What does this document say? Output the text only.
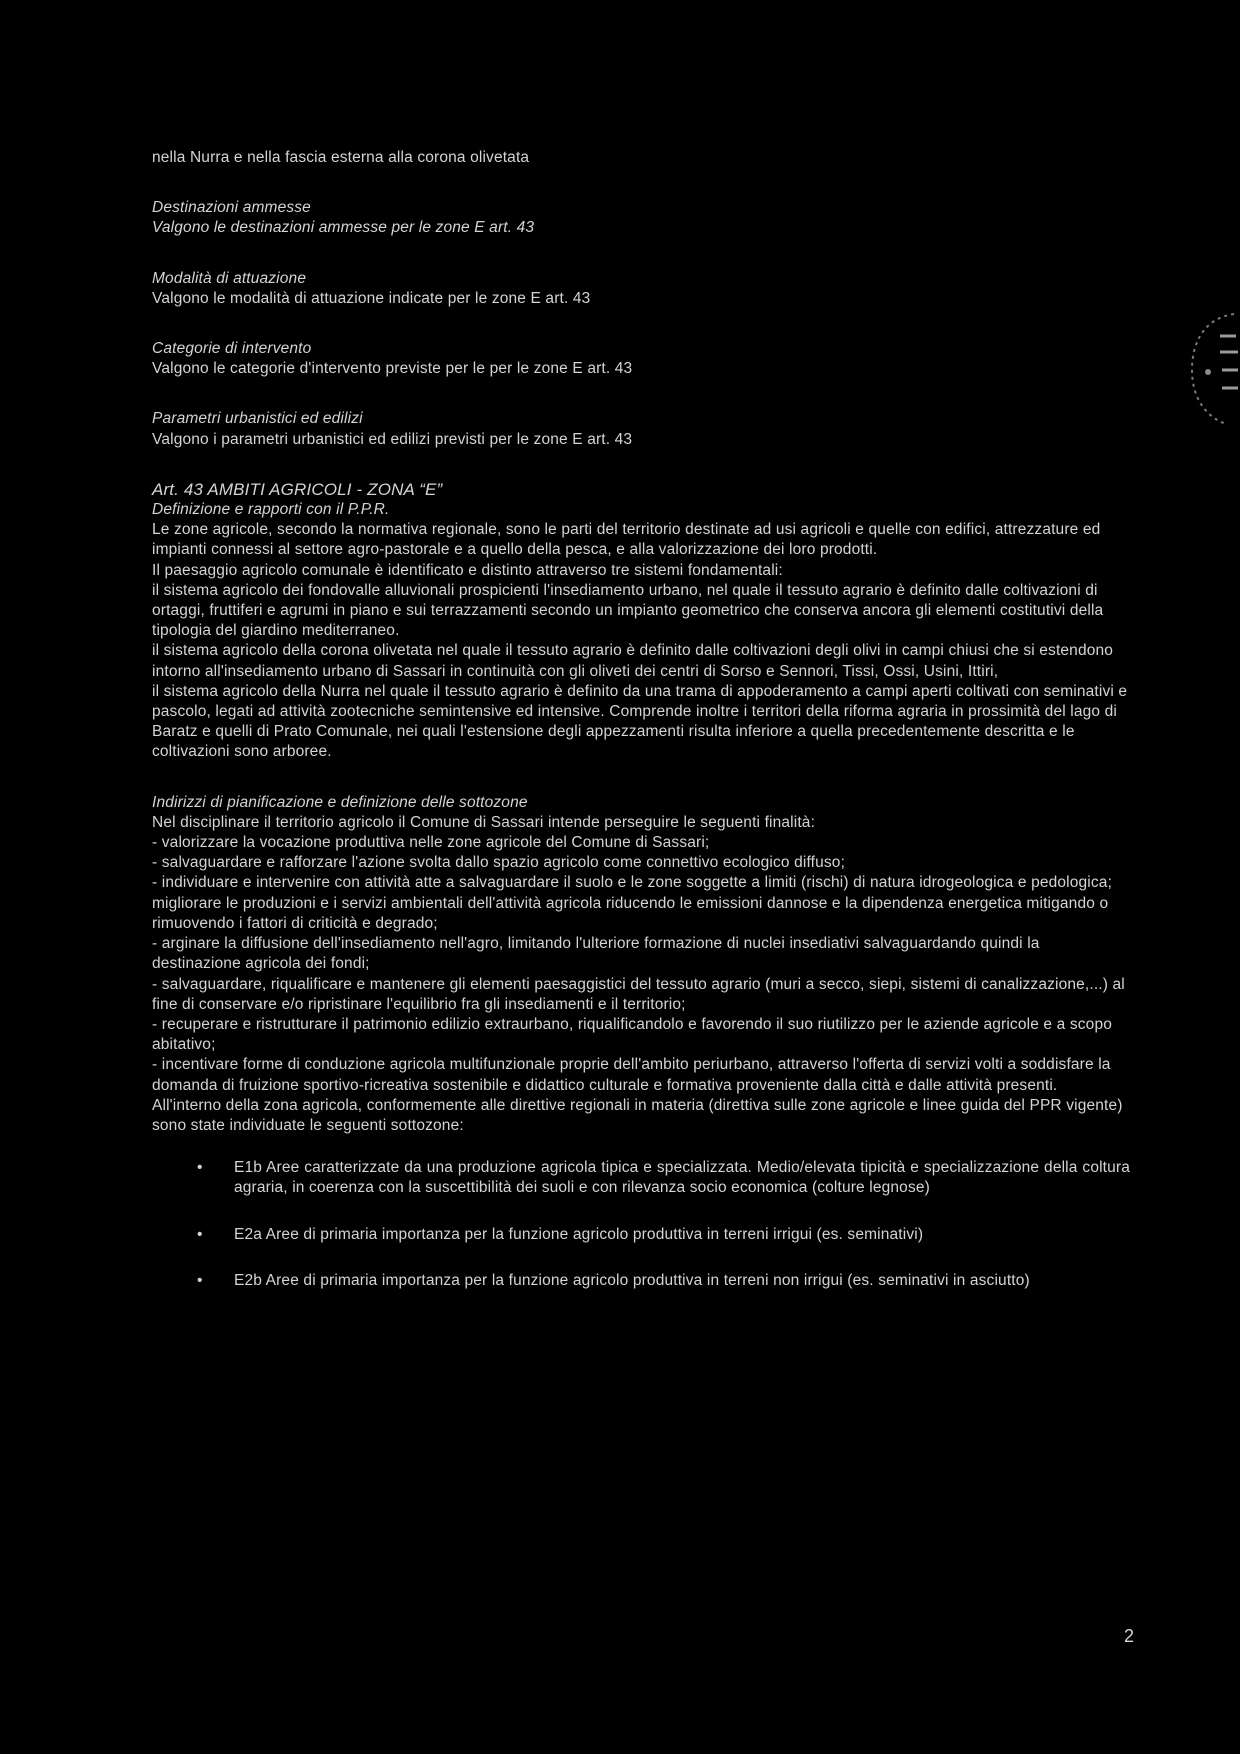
nella Nurra e nella fascia esterna alla corona olivetata

Destinazioni ammesse

Valgono le destinazioni ammesse per le zone E art. 43

Modalità di attuazione

Valgono le modalità di attuazione indicate per le zone E art. 43

Categorie di intervento

Valgono le categorie d'intervento previste per le per le zone E art. 43

Parametri urbanistici ed edilizi

Valgono i parametri urbanistici ed edilizi previsti per le zone E art. 43

Art. 43 AMBITI AGRICOLI - ZONA “E”

Definizione e rapporti con il P.P.R.

Le zone agricole, secondo la normativa regionale, sono le parti del territorio destinate ad usi agricoli e quelle con edifici, attrezzature ed impianti connessi al settore agro-pastorale e a quello della pesca, e alla valorizzazione dei loro prodotti.

Il paesaggio agricolo comunale è identificato e distinto attraverso tre sistemi fondamentali:

il sistema agricolo dei fondovalle alluvionali prospicienti l'insediamento urbano, nel quale il tessuto agrario è definito dalle coltivazioni di ortaggi, fruttiferi e agrumi in piano e sui terrazzamenti secondo un impianto geometrico che conserva ancora gli elementi costitutivi della tipologia del giardino mediterraneo.

il sistema agricolo della corona olivetata nel quale il tessuto agrario è definito dalle coltivazioni degli olivi in campi chiusi che si estendono intorno all'insediamento urbano di Sassari in continuità con gli oliveti dei centri di Sorso e Sennori, Tissi, Ossi, Usini, Ittiri,

il sistema agricolo della Nurra nel quale il tessuto agrario è definito da una trama di appoderamento a campi aperti coltivati con seminativi e pascolo, legati ad attività zootecniche semintensive ed intensive. Comprende inoltre i territori della riforma agraria in prossimità del lago di Baratz e quelli di Prato Comunale, nei quali l'estensione degli appezzamenti risulta inferiore a quella precedentemente descritta e le coltivazioni sono arboree.

Indirizzi di pianificazione e definizione delle sottozone

Nel disciplinare il territorio agricolo il Comune di Sassari intende perseguire le seguenti finalità:

- valorizzare la vocazione produttiva nelle zone agricole del Comune di Sassari;

- salvaguardare e rafforzare l'azione svolta dallo spazio agricolo come connettivo ecologico diffuso;

- individuare e intervenire con attività atte a salvaguardare il suolo e le zone soggette a limiti (rischi) di natura idrogeologica e pedologica; migliorare le produzioni e i servizi ambientali dell'attività agricola riducendo le emissioni dannose e la dipendenza energetica mitigando o rimuovendo i fattori di criticità e degrado;

- arginare la diffusione dell'insediamento nell'agro, limitando l'ulteriore formazione di nuclei insediativi salvaguardando quindi la destinazione agricola dei fondi;

- salvaguardare, riqualificare e mantenere gli elementi paesaggistici del tessuto agrario (muri a secco, siepi, sistemi di canalizzazione,...) al fine di conservare e/o ripristinare l'equilibrio fra gli insediamenti e il territorio;

- recuperare e ristrutturare il patrimonio edilizio extraurbano, riqualificandolo e favorendo il suo riutilizzo per le aziende agricole e a scopo abitativo;

- incentivare forme di conduzione agricola multifunzionale proprie dell'ambito periurbano, attraverso l'offerta di servizi volti a soddisfare la domanda di fruizione sportivo-ricreativa sostenibile e didattico culturale e formativa proveniente dalla città e dalle attività presenti.

All'interno della zona agricola, conformemente alle direttive regionali in materia (direttiva sulle zone agricole e linee guida del PPR vigente) sono state individuate le seguenti sottozone:

• E1b Aree caratterizzate da una produzione agricola tipica e specializzata. Medio/elevata tipicità e specializzazione della coltura agraria, in coerenza con la suscettibilità dei suoli e con rilevanza socio economica (colture legnose)
• E2a Aree di primaria importanza per la funzione agricolo produttiva in terreni irrigui (es. seminativi)
• E2b Aree di primaria importanza per la funzione agricolo produttiva in terreni non irrigui (es. seminativi in asciutto)
2
